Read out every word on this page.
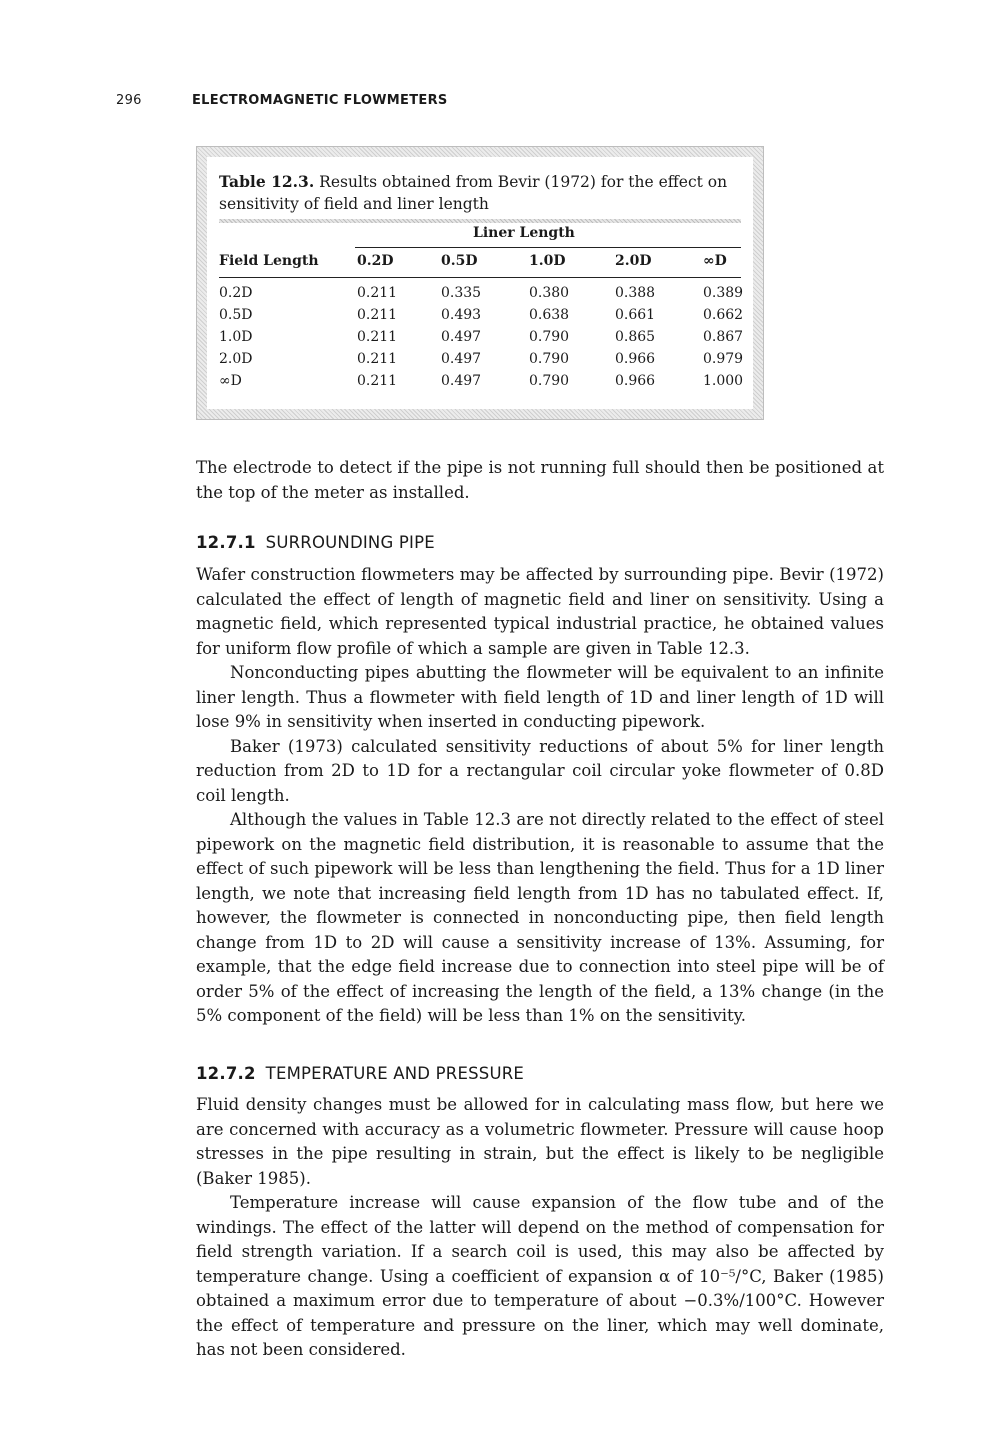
296	ELECTROMAGNETIC FLOWMETERS
Table 12.3. Results obtained from Bevir (1972) for the effect on sensitivity of field and liner length
Liner Length
Field Length	0.2D	0.5D	1.0D	2.0D	∞D
0.2D	0.211	0.335	0.380	0.388	0.389
0.5D	0.211	0.493	0.638	0.661	0.662
1.0D	0.211	0.497	0.790	0.865	0.867
2.0D	0.211	0.497	0.790	0.966	0.979
∞D	0.211	0.497	0.790	0.966	1.000

The electrode to detect if the pipe is not running full should then be positioned at the top of the meter as installed.

12.7.1 SURROUNDING PIPE

Wafer construction flowmeters may be affected by surrounding pipe. Bevir (1972) calculated the effect of length of magnetic field and liner on sensitivity. Using a magnetic field, which represented typical industrial practice, he obtained values for uniform flow profile of which a sample are given in Table 12.3.

Nonconducting pipes abutting the flowmeter will be equivalent to an infinite liner length. Thus a flowmeter with field length of 1D and liner length of 1D will lose 9% in sensitivity when inserted in conducting pipework.

Baker (1973) calculated sensitivity reductions of about 5% for liner length reduction from 2D to 1D for a rectangular coil circular yoke flowmeter of 0.8D coil length.

Although the values in Table 12.3 are not directly related to the effect of steel pipework on the magnetic field distribution, it is reasonable to assume that the effect of such pipework will be less than lengthening the field. Thus for a 1D liner length, we note that increasing field length from 1D has no tabulated effect. If, however, the flowmeter is connected in nonconducting pipe, then field length change from 1D to 2D will cause a sensitivity increase of 13%. Assuming, for example, that the edge field increase due to connection into steel pipe will be of order 5% of the effect of increasing the length of the field, a 13% change (in the 5% component of the field) will be less than 1% on the sensitivity.

12.7.2 TEMPERATURE AND PRESSURE

Fluid density changes must be allowed for in calculating mass flow, but here we are concerned with accuracy as a volumetric flowmeter. Pressure will cause hoop stresses in the pipe resulting in strain, but the effect is likely to be negligible (Baker 1985).

Temperature increase will cause expansion of the flow tube and of the windings. The effect of the latter will depend on the method of compensation for field strength variation. If a search coil is used, this may also be affected by temperature change. Using a coefficient of expansion α of 10⁻⁵/°C, Baker (1985) obtained a maximum error due to temperature of about −0.3%/100°C. However the effect of temperature and pressure on the liner, which may well dominate, has not been considered.
